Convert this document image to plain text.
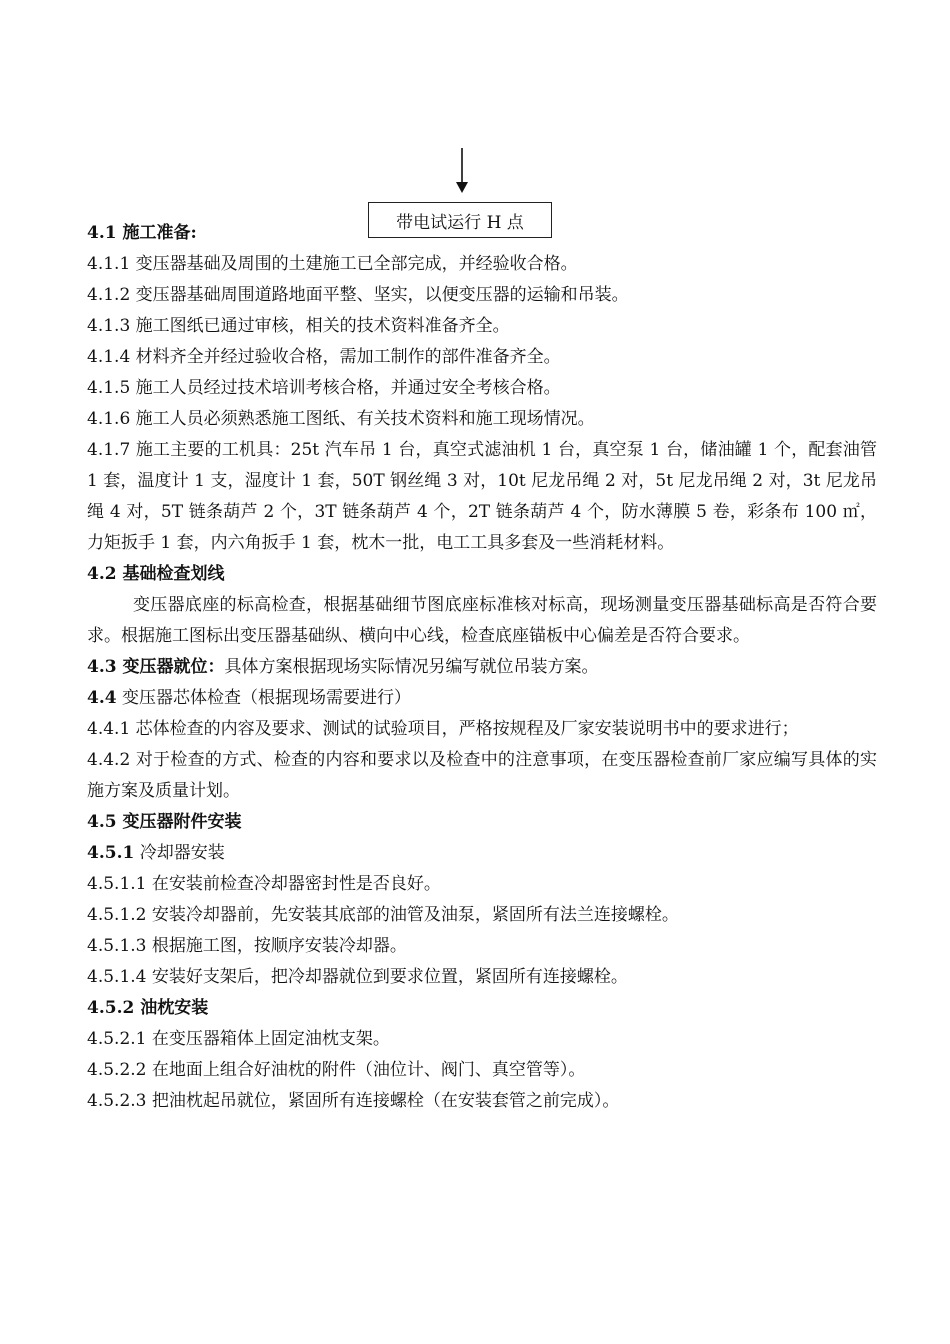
带电试运行 H 点
4.1 施工准备:
4.1.1 变压器基础及周围的土建施工已全部完成，并经验收合格。
4.1.2 变压器基础周围道路地面平整、坚实，以便变压器的运输和吊装。
4.1.3 施工图纸已通过审核，相关的技术资料准备齐全。
4.1.4 材料齐全并经过验收合格，需加工制作的部件准备齐全。
4.1.5 施工人员经过技术培训考核合格，并通过安全考核合格。
4.1.6 施工人员必须熟悉施工图纸、有关技术资料和施工现场情况。
4.1.7 施工主要的工机具：25t 汽车吊 1 台，真空式滤油机 1 台，真空泵 1 台，储油罐 1 个，配套油管 1 套，温度计 1 支，湿度计 1 套，50T 钢丝绳 3 对，10t 尼龙吊绳 2 对，5t 尼龙吊绳 2 对，3t 尼龙吊绳 4 对，5T 链条葫芦 2 个，3T 链条葫芦 4 个，2T 链条葫芦 4 个，防水薄膜 5 卷，彩条布 100 ㎡，力矩扳手 1 套，内六角扳手 1 套，枕木一批，电工工具多套及一些消耗材料。
4.2 基础检查划线
变压器底座的标高检查，根据基础细节图底座标准核对标高，现场测量变压器基础标高是否符合要求。根据施工图标出变压器基础纵、横向中心线，检查底座锚板中心偏差是否符合要求。
4.3 变压器就位：具体方案根据现场实际情况另编写就位吊装方案。
4.4 变压器芯体检查（根据现场需要进行）
4.4.1 芯体检查的内容及要求、测试的试验项目，严格按规程及厂家安装说明书中的要求进行；
4.4.2 对于检查的方式、检查的内容和要求以及检查中的注意事项，在变压器检查前厂家应编写具体的实施方案及质量计划。
4.5 变压器附件安装
4.5.1 冷却器安装
4.5.1.1 在安装前检查冷却器密封性是否良好。
4.5.1.2 安装冷却器前，先安装其底部的油管及油泵，紧固所有法兰连接螺栓。
4.5.1.3 根据施工图，按顺序安装冷却器。
4.5.1.4 安装好支架后，把冷却器就位到要求位置，紧固所有连接螺栓。
4.5.2 油枕安装
4.5.2.1 在变压器箱体上固定油枕支架。
4.5.2.2 在地面上组合好油枕的附件（油位计、阀门、真空管等）。
4.5.2.3 把油枕起吊就位，紧固所有连接螺栓（在安装套管之前完成）。
